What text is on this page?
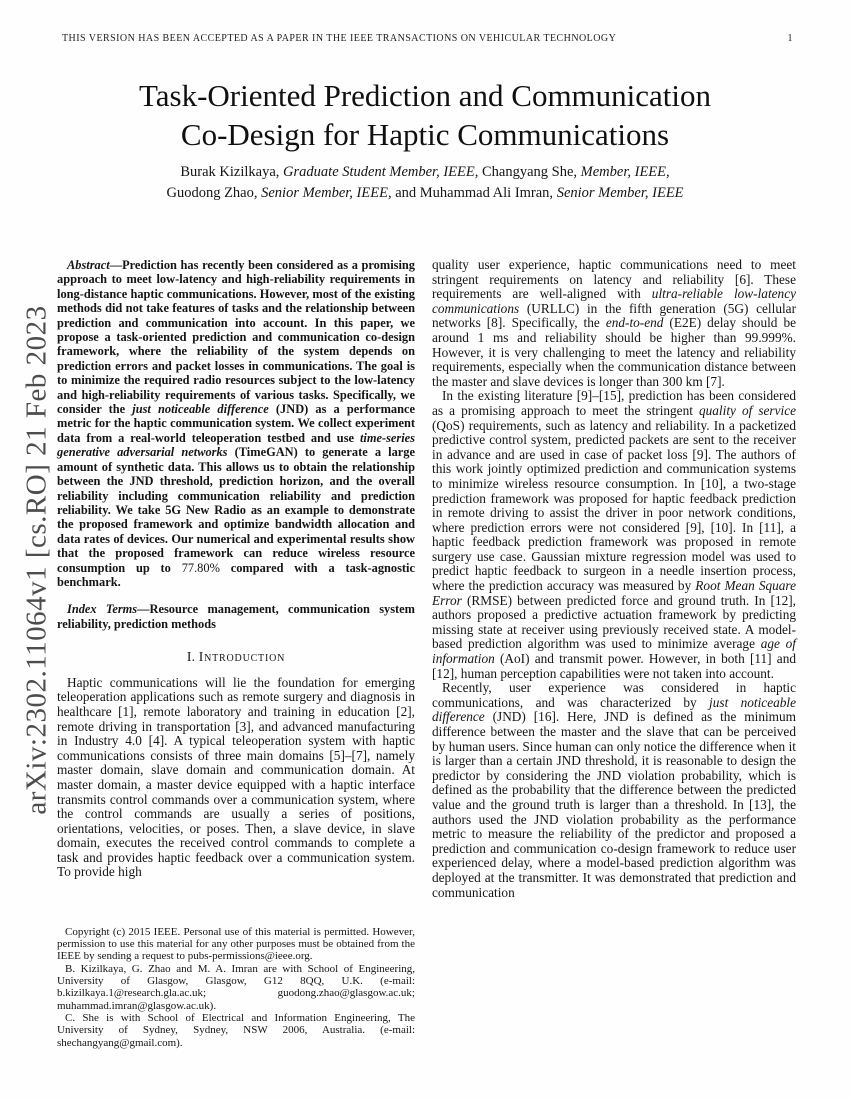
THIS VERSION HAS BEEN ACCEPTED AS A PAPER IN THE IEEE TRANSACTIONS ON VEHICULAR TECHNOLOGY	1
arXiv:2302.11064v1 [cs.RO] 21 Feb 2023
Task-Oriented Prediction and Communication
Co-Design for Haptic Communications
Burak Kizilkaya, Graduate Student Member, IEEE, Changyang She, Member, IEEE,
Guodong Zhao, Senior Member, IEEE, and Muhammad Ali Imran, Senior Member, IEEE

Abstract—Prediction has recently been considered as a promising approach to meet low-latency and high-reliability requirements in long-distance haptic communications. However, most of the existing methods did not take features of tasks and the relationship between prediction and communication into account. In this paper, we propose a task-oriented prediction and communication co-design framework, where the reliability of the system depends on prediction errors and packet losses in communications. The goal is to minimize the required radio resources subject to the low-latency and high-reliability requirements of various tasks. Specifically, we consider the just noticeable difference (JND) as a performance metric for the haptic communication system. We collect experiment data from a real-world teleoperation testbed and use time-series generative adversarial networks (TimeGAN) to generate a large amount of synthetic data. This allows us to obtain the relationship between the JND threshold, prediction horizon, and the overall reliability including communication reliability and prediction reliability. We take 5G New Radio as an example to demonstrate the proposed framework and optimize bandwidth allocation and data rates of devices. Our numerical and experimental results show that the proposed framework can reduce wireless resource consumption up to 77.80% compared with a task-agnostic benchmark.

Index Terms—Resource management, communication system reliability, prediction methods

I. Introduction

Haptic communications will lie the foundation for emerging teleoperation applications such as remote surgery and diagnosis in healthcare [1], remote laboratory and training in education [2], remote driving in transportation [3], and advanced manufacturing in Industry 4.0 [4]. A typical teleoperation system with haptic communications consists of three main domains [5]–[7], namely master domain, slave domain and communication domain. At master domain, a master device equipped with a haptic interface transmits control commands over a communication system, where the control commands are usually a series of positions, orientations, velocities, or poses. Then, a slave device, in slave domain, executes the received control commands to complete a task and provides haptic feedback over a communication system. To provide high

quality user experience, haptic communications need to meet stringent requirements on latency and reliability [6]. These requirements are well-aligned with ultra-reliable low-latency communications (URLLC) in the fifth generation (5G) cellular networks [8]. Specifically, the end-to-end (E2E) delay should be around 1 ms and reliability should be higher than 99.999%. However, it is very challenging to meet the latency and reliability requirements, especially when the communication distance between the master and slave devices is longer than 300 km [7].

In the existing literature [9]–[15], prediction has been considered as a promising approach to meet the stringent quality of service (QoS) requirements, such as latency and reliability. In a packetized predictive control system, predicted packets are sent to the receiver in advance and are used in case of packet loss [9]. The authors of this work jointly optimized prediction and communication systems to minimize wireless resource consumption. In [10], a two-stage prediction framework was proposed for haptic feedback prediction in remote driving to assist the driver in poor network conditions, where prediction errors were not considered [9], [10]. In [11], a haptic feedback prediction framework was proposed in remote surgery use case. Gaussian mixture regression model was used to predict haptic feedback to surgeon in a needle insertion process, where the prediction accuracy was measured by Root Mean Square Error (RMSE) between predicted force and ground truth. In [12], authors proposed a predictive actuation framework by predicting missing state at receiver using previously received state. A model-based prediction algorithm was used to minimize average age of information (AoI) and transmit power. However, in both [11] and [12], human perception capabilities were not taken into account.

Recently, user experience was considered in haptic communications, and was characterized by just noticeable difference (JND) [16]. Here, JND is defined as the minimum difference between the master and the slave that can be perceived by human users. Since human can only notice the difference when it is larger than a certain JND threshold, it is reasonable to design the predictor by considering the JND violation probability, which is defined as the probability that the difference between the predicted value and the ground truth is larger than a threshold. In [13], the authors used the JND violation probability as the performance metric to measure the reliability of the predictor and proposed a prediction and communication co-design framework to reduce user experienced delay, where a model-based prediction algorithm was deployed at the transmitter. It was demonstrated that prediction and communication

Copyright (c) 2015 IEEE. Personal use of this material is permitted. However, permission to use this material for any other purposes must be obtained from the IEEE by sending a request to pubs-permissions@ieee.org.

B. Kizilkaya, G. Zhao and M. A. Imran are with School of Engineering, University of Glasgow, Glasgow, G12 8QQ, U.K. (e-mail: b.kizilkaya.1@research.gla.ac.uk; guodong.zhao@glasgow.ac.uk; muhammad.imran@glasgow.ac.uk).

C. She is with School of Electrical and Information Engineering, The University of Sydney, Sydney, NSW 2006, Australia. (e-mail: shechangyang@gmail.com).
